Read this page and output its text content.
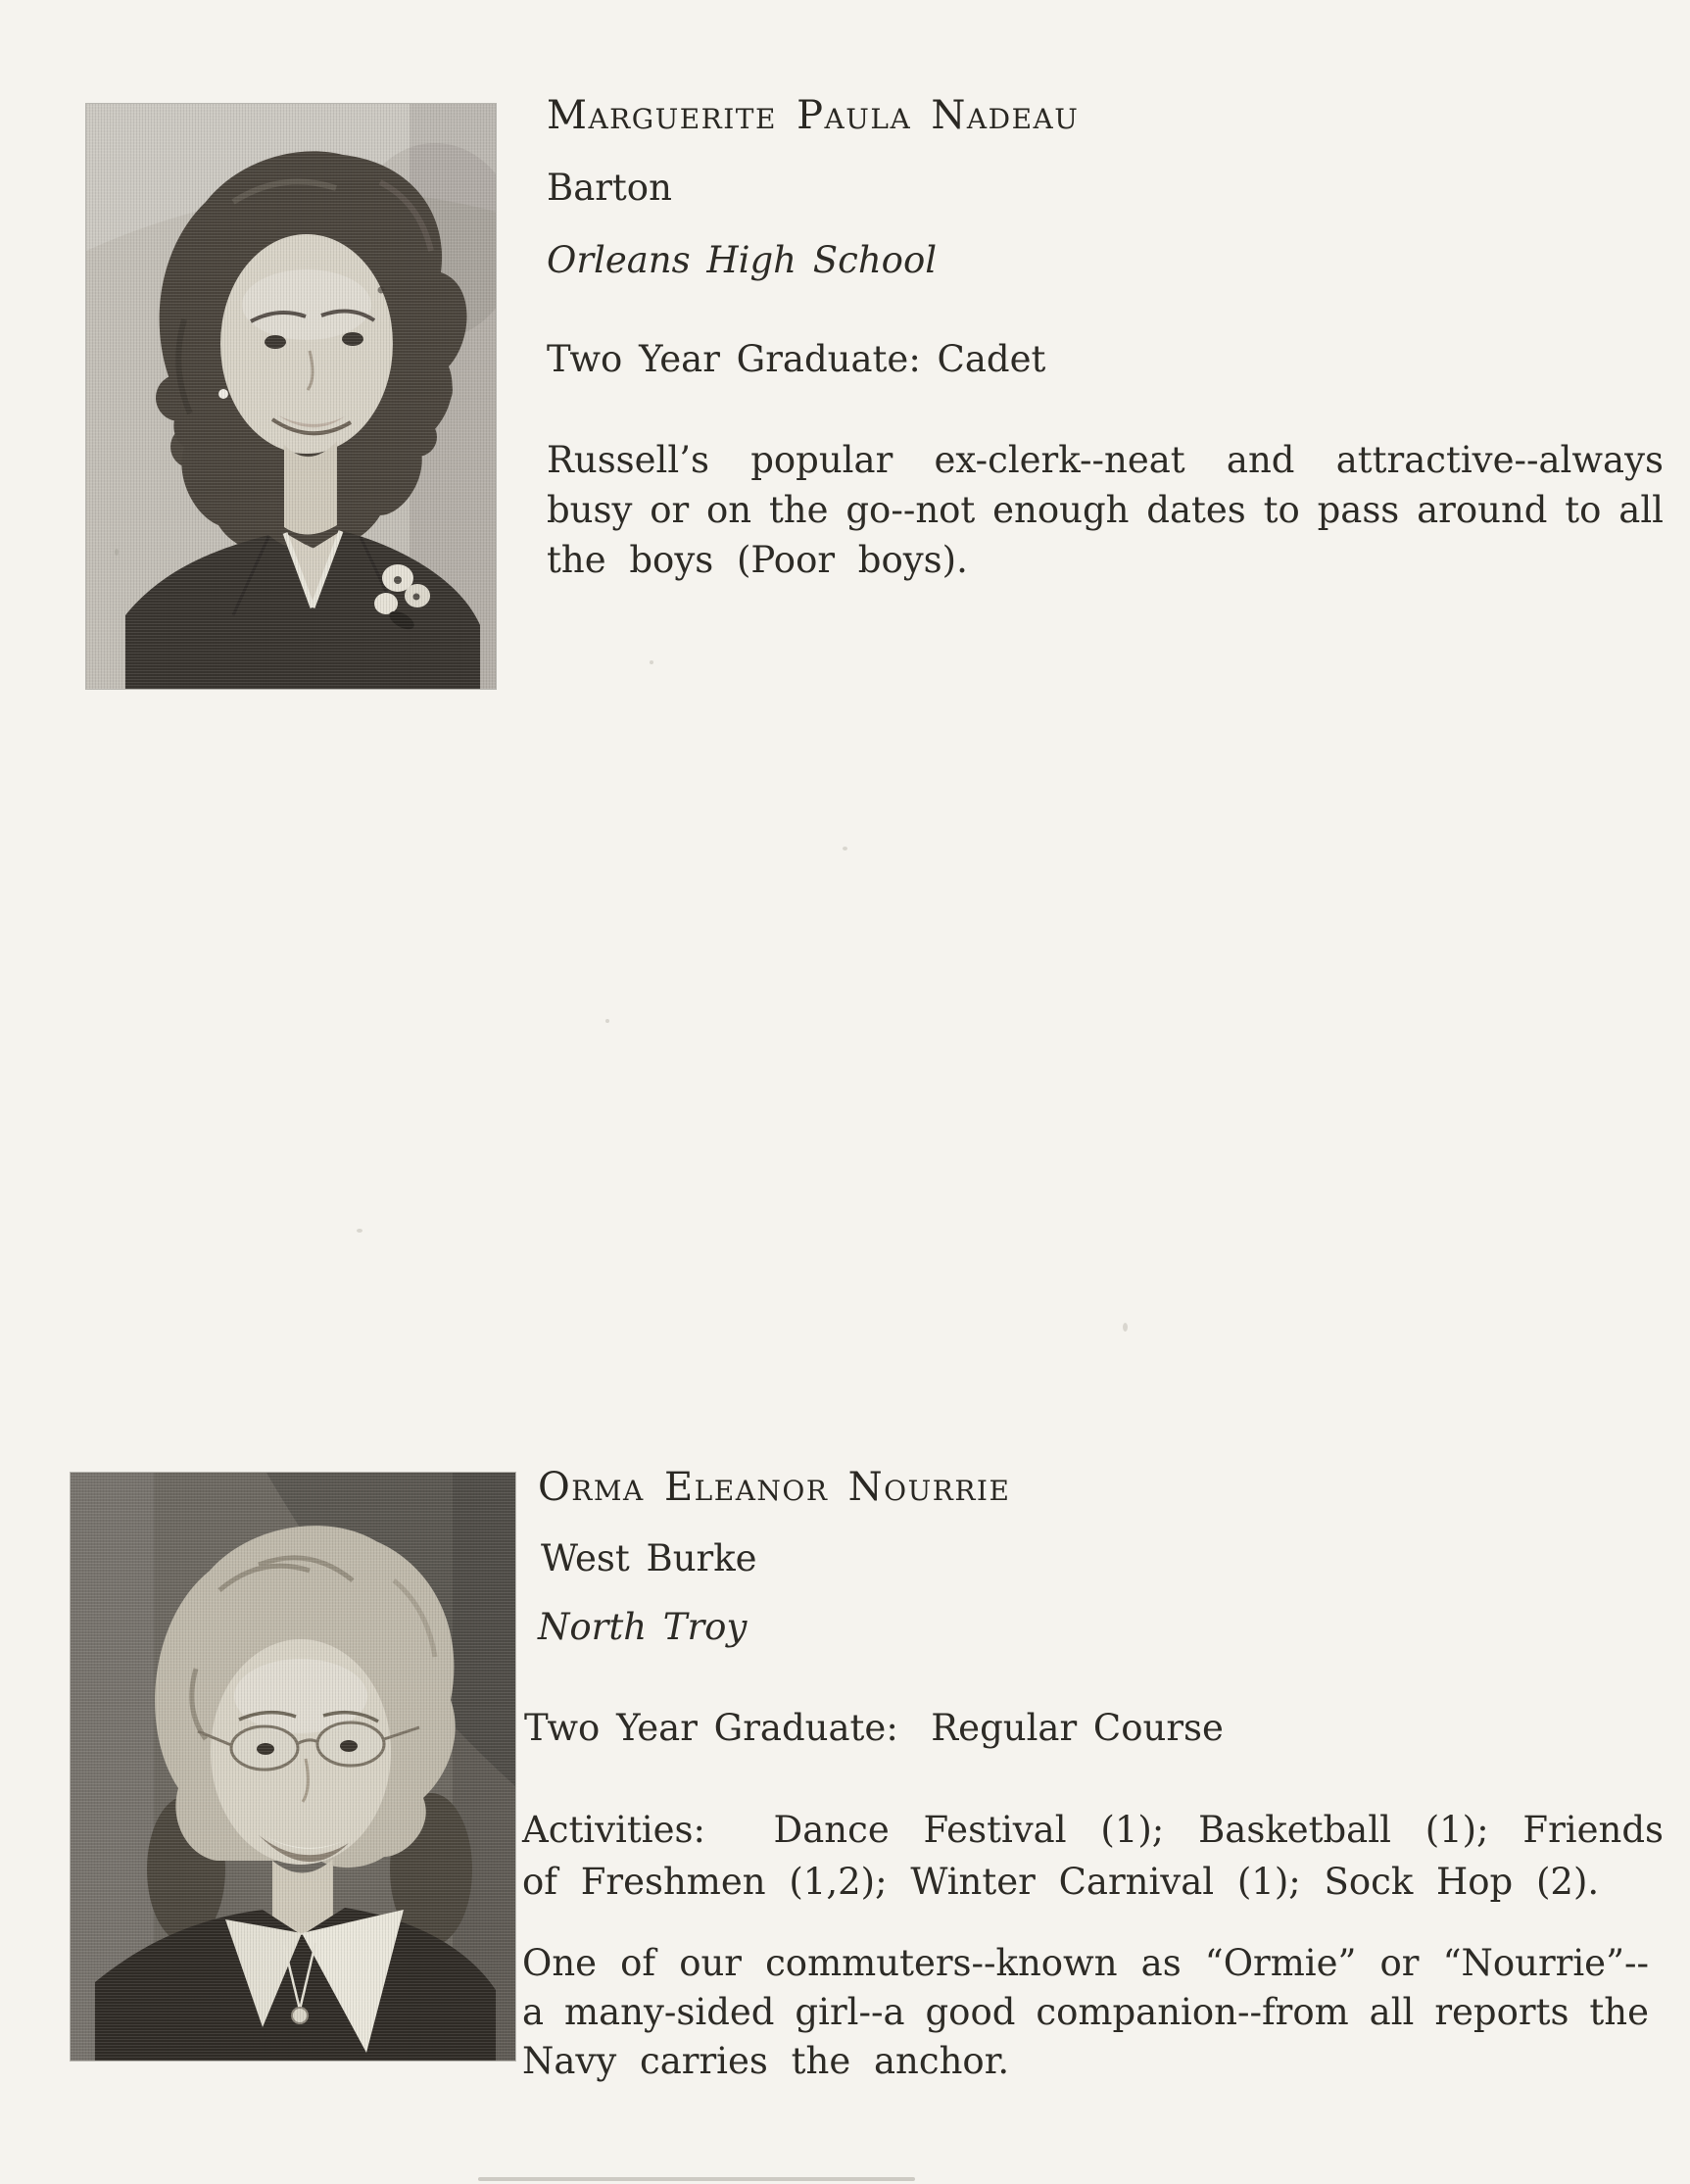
Marguerite Paula Nadeau
Barton
Orleans High School
Two Year Graduate: Cadet
Russell’s popular ex-clerk--neat and attractive--always
busy or on the go--not enough dates to pass around to all
the boys (Poor boys).
Orma Eleanor Nourrie
West Burke
North Troy
Two Year Graduate:  Regular Course
Activities:  Dance Festival (1); Basketball (1); Friends
of Freshmen (1,2); Winter Carnival (1); Sock Hop (2).
One of our commuters--known as “Ormie” or “Nourrie”--
a many-sided girl--a good companion--from all reports the
Navy carries the anchor.
